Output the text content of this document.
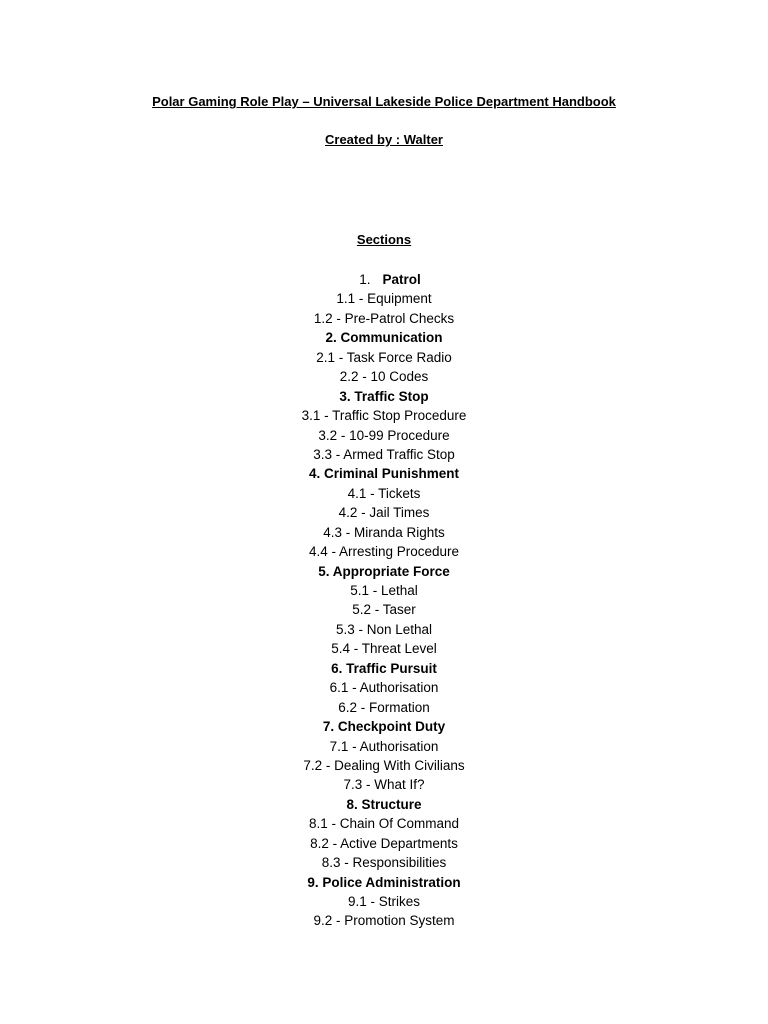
Polar Gaming Role Play – Universal Lakeside Police Department Handbook
Created by : Walter
Sections
1. Patrol
1.1 - Equipment
1.2 - Pre-Patrol Checks
2. Communication
2.1 - Task Force Radio
2.2 - 10 Codes
3. Traffic Stop
3.1 - Traffic Stop Procedure
3.2 - 10-99 Procedure
3.3 - Armed Traffic Stop
4. Criminal Punishment
4.1 - Tickets
4.2 - Jail Times
4.3 - Miranda Rights
4.4 - Arresting Procedure
5. Appropriate Force
5.1 - Lethal
5.2 - Taser
5.3 - Non Lethal
5.4 - Threat Level
6. Traffic Pursuit
6.1 - Authorisation
6.2 - Formation
7. Checkpoint Duty
7.1 - Authorisation
7.2 - Dealing With Civilians
7.3 - What If?
8. Structure
8.1 - Chain Of Command
8.2 - Active Departments
8.3 - Responsibilities
9. Police Administration
9.1 - Strikes
9.2 - Promotion System
